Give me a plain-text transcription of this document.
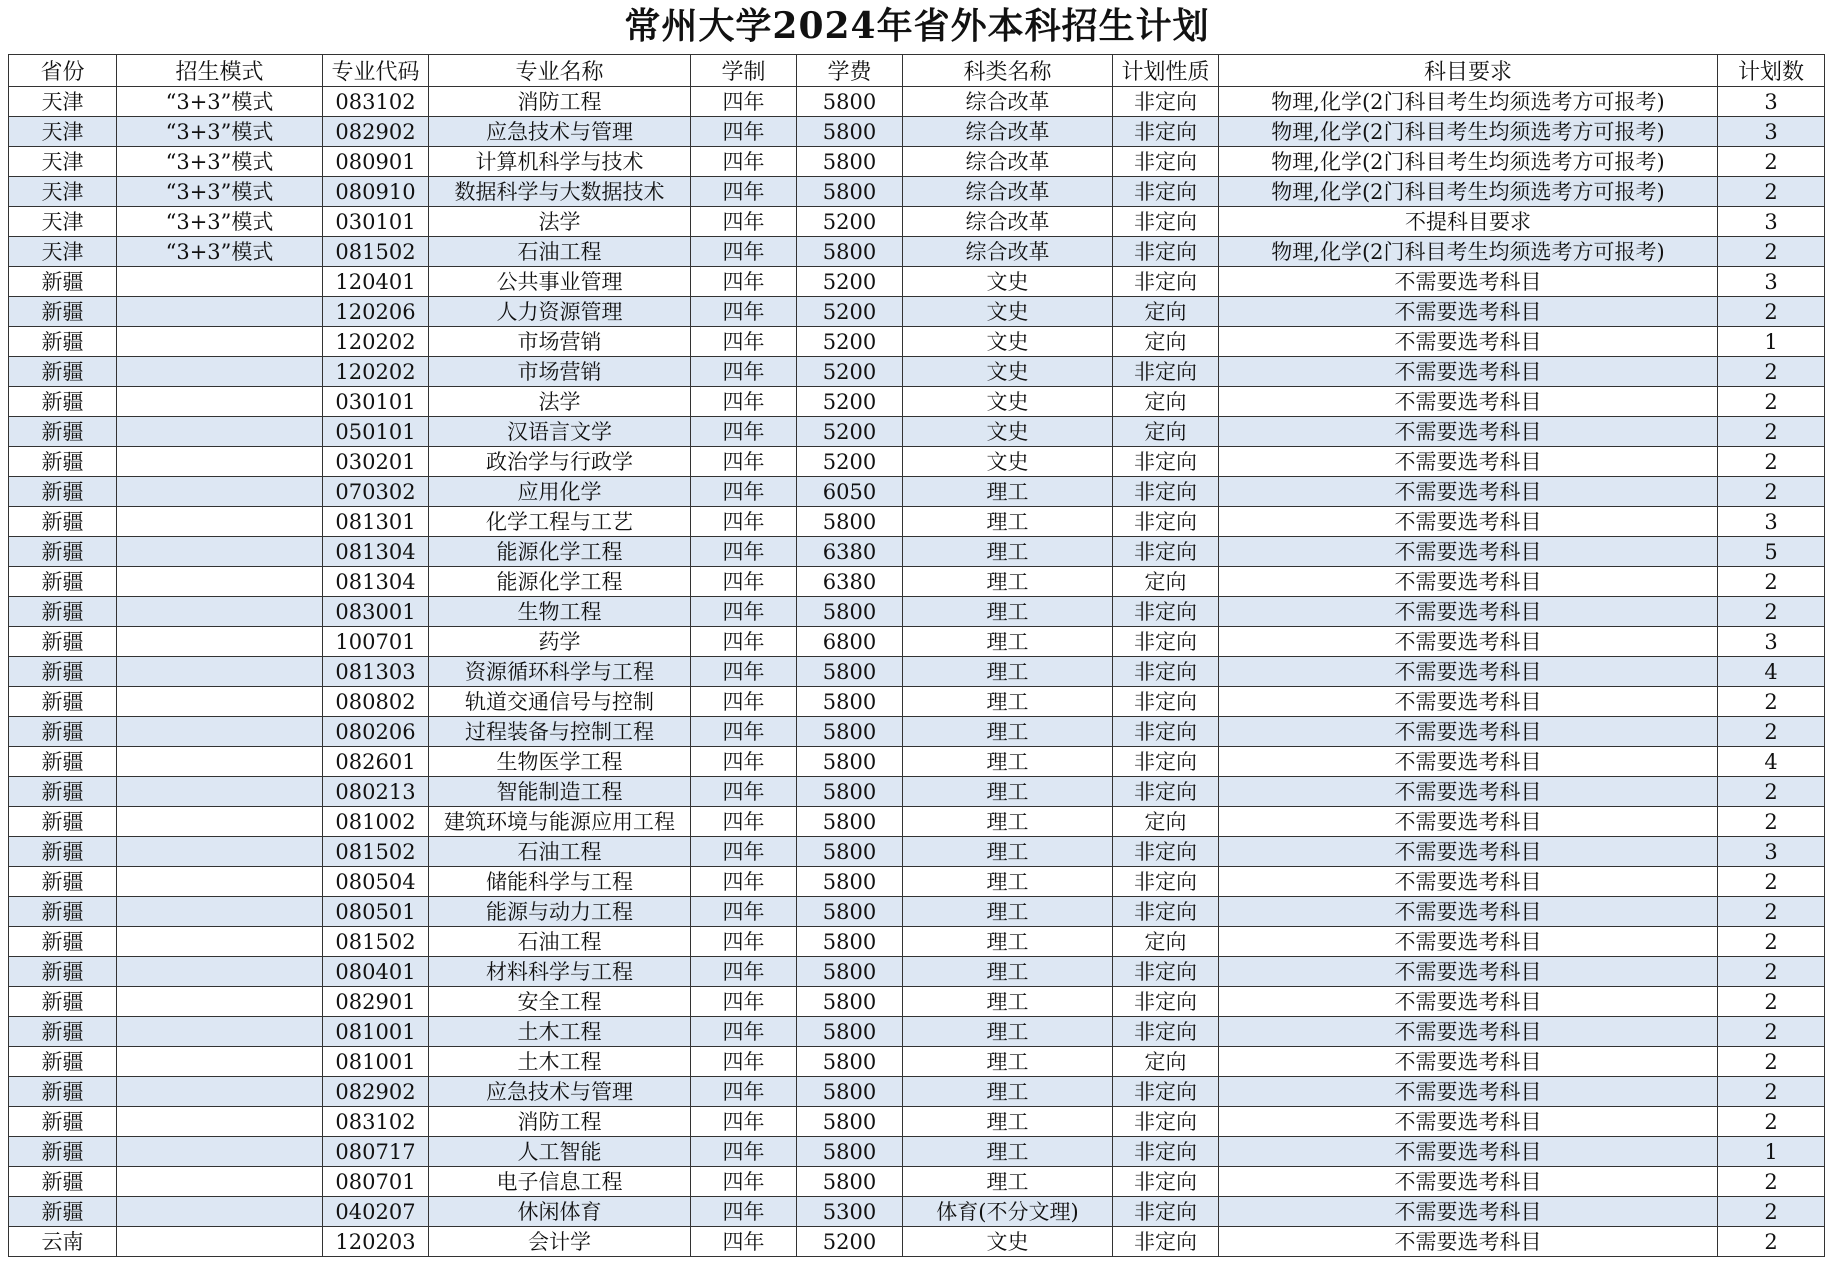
常州大学2024年省外本科招生计划
省份	招生模式	专业代码	专业名称	学制	学费	科类名称	计划性质	科目要求	计划数
天津	“3+3”模式	083102	消防工程	四年	5800	综合改革	非定向	物理,化学(2门科目考生均须选考方可报考)	3
天津	“3+3”模式	082902	应急技术与管理	四年	5800	综合改革	非定向	物理,化学(2门科目考生均须选考方可报考)	3
天津	“3+3”模式	080901	计算机科学与技术	四年	5800	综合改革	非定向	物理,化学(2门科目考生均须选考方可报考)	2
天津	“3+3”模式	080910	数据科学与大数据技术	四年	5800	综合改革	非定向	物理,化学(2门科目考生均须选考方可报考)	2
天津	“3+3”模式	030101	法学	四年	5200	综合改革	非定向	不提科目要求	3
天津	“3+3”模式	081502	石油工程	四年	5800	综合改革	非定向	物理,化学(2门科目考生均须选考方可报考)	2
新疆		120401	公共事业管理	四年	5200	文史	非定向	不需要选考科目	3
新疆		120206	人力资源管理	四年	5200	文史	定向	不需要选考科目	2
新疆		120202	市场营销	四年	5200	文史	定向	不需要选考科目	1
新疆		120202	市场营销	四年	5200	文史	非定向	不需要选考科目	2
新疆		030101	法学	四年	5200	文史	定向	不需要选考科目	2
新疆		050101	汉语言文学	四年	5200	文史	定向	不需要选考科目	2
新疆		030201	政治学与行政学	四年	5200	文史	非定向	不需要选考科目	2
新疆		070302	应用化学	四年	6050	理工	非定向	不需要选考科目	2
新疆		081301	化学工程与工艺	四年	5800	理工	非定向	不需要选考科目	3
新疆		081304	能源化学工程	四年	6380	理工	非定向	不需要选考科目	5
新疆		081304	能源化学工程	四年	6380	理工	定向	不需要选考科目	2
新疆		083001	生物工程	四年	5800	理工	非定向	不需要选考科目	2
新疆		100701	药学	四年	6800	理工	非定向	不需要选考科目	3
新疆		081303	资源循环科学与工程	四年	5800	理工	非定向	不需要选考科目	4
新疆		080802	轨道交通信号与控制	四年	5800	理工	非定向	不需要选考科目	2
新疆		080206	过程装备与控制工程	四年	5800	理工	非定向	不需要选考科目	2
新疆		082601	生物医学工程	四年	5800	理工	非定向	不需要选考科目	4
新疆		080213	智能制造工程	四年	5800	理工	非定向	不需要选考科目	2
新疆		081002	建筑环境与能源应用工程	四年	5800	理工	定向	不需要选考科目	2
新疆		081502	石油工程	四年	5800	理工	非定向	不需要选考科目	3
新疆		080504	储能科学与工程	四年	5800	理工	非定向	不需要选考科目	2
新疆		080501	能源与动力工程	四年	5800	理工	非定向	不需要选考科目	2
新疆		081502	石油工程	四年	5800	理工	定向	不需要选考科目	2
新疆		080401	材料科学与工程	四年	5800	理工	非定向	不需要选考科目	2
新疆		082901	安全工程	四年	5800	理工	非定向	不需要选考科目	2
新疆		081001	土木工程	四年	5800	理工	非定向	不需要选考科目	2
新疆		081001	土木工程	四年	5800	理工	定向	不需要选考科目	2
新疆		082902	应急技术与管理	四年	5800	理工	非定向	不需要选考科目	2
新疆		083102	消防工程	四年	5800	理工	非定向	不需要选考科目	2
新疆		080717	人工智能	四年	5800	理工	非定向	不需要选考科目	1
新疆		080701	电子信息工程	四年	5800	理工	非定向	不需要选考科目	2
新疆		040207	休闲体育	四年	5300	体育(不分文理)	非定向	不需要选考科目	2
云南		120203	会计学	四年	5200	文史	非定向	不需要选考科目	2
